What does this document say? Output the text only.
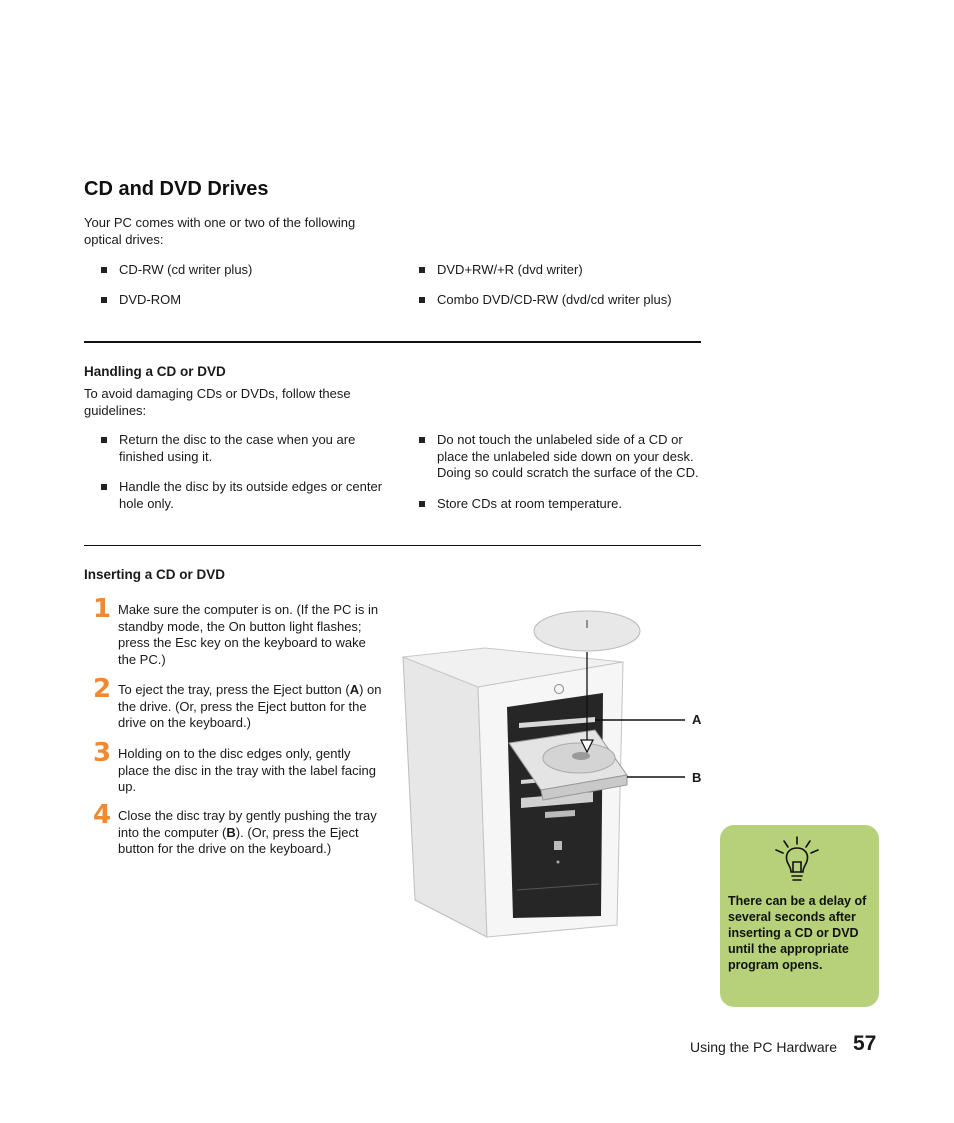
CD and DVD Drives
Your PC comes with one or two of the following optical drives:
CD-RW (cd writer plus)
DVD-ROM
DVD+RW/+R (dvd writer)
Combo DVD/CD-RW (dvd/cd writer plus)
Handling a CD or DVD
To avoid damaging CDs or DVDs, follow these guidelines:
Return the disc to the case when you are finished using it.
Handle the disc by its outside edges or center hole only.
Do not touch the unlabeled side of a CD or place the unlabeled side down on your desk. Doing so could scratch the surface of the CD.
Store CDs at room temperature.
Inserting a CD or DVD
1 Make sure the computer is on. (If the PC is in standby mode, the On button light flashes; press the Esc key on the keyboard to wake the PC.)
2 To eject the tray, press the Eject button (A) on the drive. (Or, press the Eject button for the drive on the keyboard.)
3 Holding on to the disc edges only, gently place the disc in the tray with the label facing up.
4 Close the disc tray by gently pushing the tray into the computer (B). (Or, press the Eject button for the drive on the keyboard.)
A
B
There can be a delay of several seconds after inserting a CD or DVD until the appropriate program opens.
Using the PC Hardware 57
